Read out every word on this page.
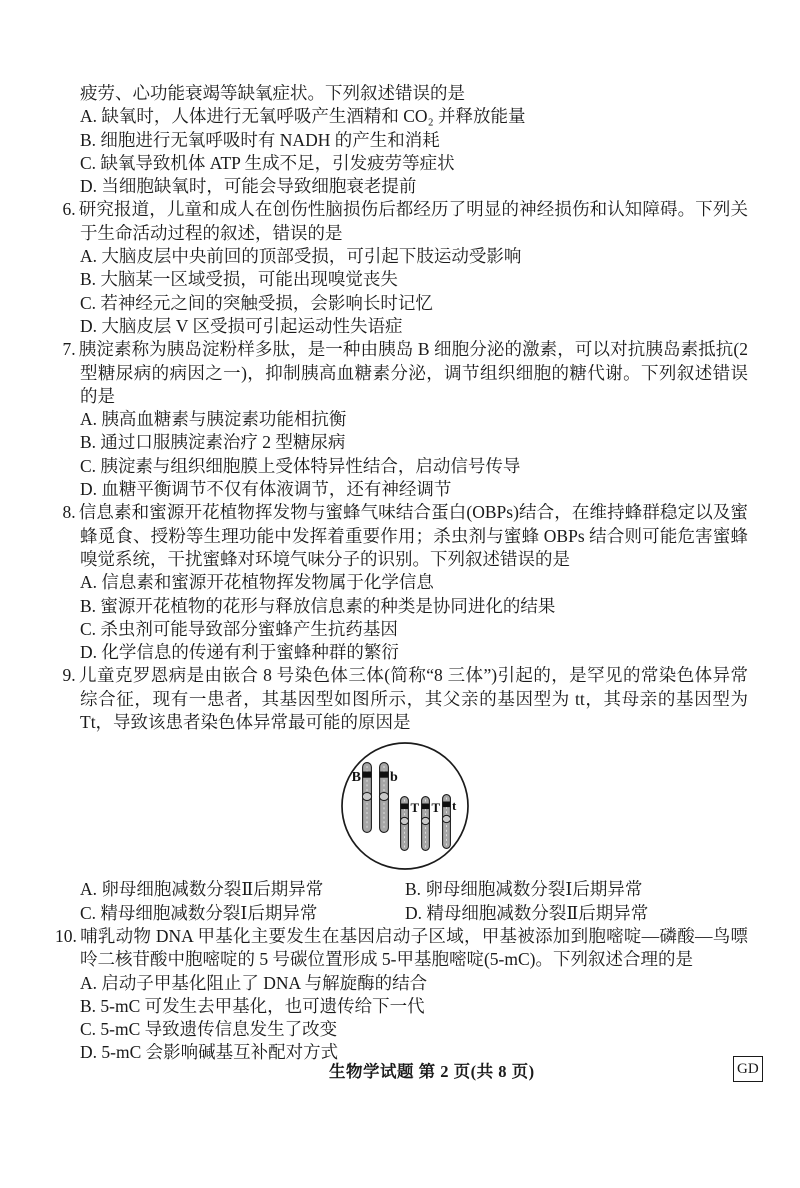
疲劳、心功能衰竭等缺氧症状。下列叙述错误的是

A. 缺氧时，人体进行无氧呼吸产生酒精和 CO₂ 并释放能量

B. 细胞进行无氧呼吸时有 NADH 的产生和消耗

C. 缺氧导致机体 ATP 生成不足，引发疲劳等症状

D. 当细胞缺氧时，可能会导致细胞衰老提前

6. 研究报道，儿童和成人在创伤性脑损伤后都经历了明显的神经损伤和认知障碍。下列关于生命活动过程的叙述，错误的是

A. 大脑皮层中央前回的顶部受损，可引起下肢运动受影响

B. 大脑某一区域受损，可能出现嗅觉丧失

C. 若神经元之间的突触受损，会影响长时记忆

D. 大脑皮层 V 区受损可引起运动性失语症

7. 胰淀素称为胰岛淀粉样多肽，是一种由胰岛 B 细胞分泌的激素，可以对抗胰岛素抵抗(2 型糖尿病的病因之一)，抑制胰高血糖素分泌，调节组织细胞的糖代谢。下列叙述错误的是

A. 胰高血糖素与胰淀素功能相抗衡

B. 通过口服胰淀素治疗 2 型糖尿病

C. 胰淀素与组织细胞膜上受体特异性结合，启动信号传导

D. 血糖平衡调节不仅有体液调节，还有神经调节

8. 信息素和蜜源开花植物挥发物与蜜蜂气味结合蛋白(OBPs)结合，在维持蜂群稳定以及蜜蜂觅食、授粉等生理功能中发挥着重要作用；杀虫剂与蜜蜂 OBPs 结合则可能危害蜜蜂嗅觉系统，干扰蜜蜂对环境气味分子的识别。下列叙述错误的是

A. 信息素和蜜源开花植物挥发物属于化学信息

B. 蜜源开花植物的花形与释放信息素的种类是协同进化的结果

C. 杀虫剂可能导致部分蜜蜂产生抗药基因

D. 化学信息的传递有利于蜜蜂种群的繁衍

9. 儿童克罗恩病是由嵌合 8 号染色体三体(简称“8 三体”)引起的，是罕见的常染色体异常综合征，现有一患者，其基因型如图所示，其父亲的基因型为 tt，其母亲的基因型为 Tt，导致该患者染色体异常最可能的原因是

B b
T T t

A. 卵母细胞减数分裂Ⅱ后期异常	B. 卵母细胞减数分裂Ⅰ后期异常

C. 精母细胞减数分裂Ⅰ后期异常	D. 精母细胞减数分裂Ⅱ后期异常

10. 哺乳动物 DNA 甲基化主要发生在基因启动子区域，甲基被添加到胞嘧啶—磷酸—鸟嘌呤二核苷酸中胞嘧啶的 5 号碳位置形成 5-甲基胞嘧啶(5-mC)。下列叙述合理的是

A. 启动子甲基化阻止了 DNA 与解旋酶的结合

B. 5-mC 可发生去甲基化，也可遗传给下一代

C. 5-mC 导致遗传信息发生了改变

D. 5-mC 会影响碱基互补配对方式

生物学试题 第 2 页(共 8 页)	GD
